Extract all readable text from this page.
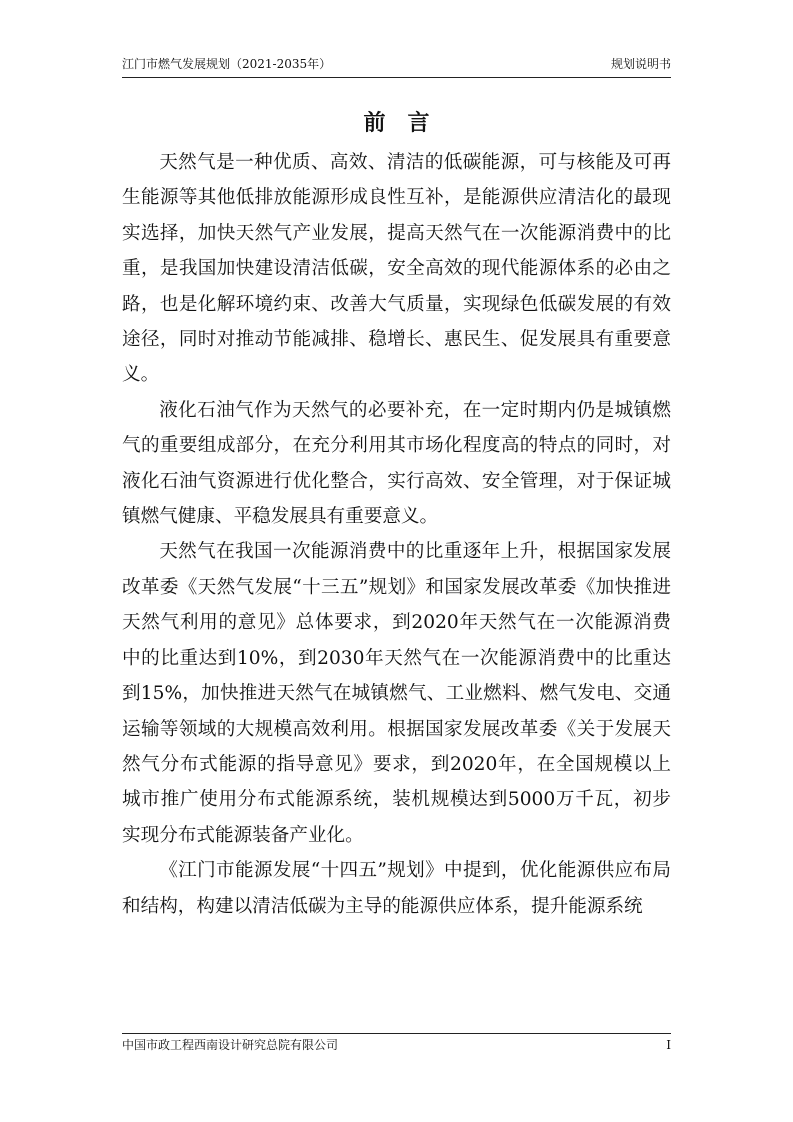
江门市燃气发展规划（2021-2035年）	规划说明书
前言

天然气是一种优质、高效、清洁的低碳能源，可与核能及可再生能源等其他低排放能源形成良性互补，是能源供应清洁化的最现实选择，加快天然气产业发展，提高天然气在一次能源消费中的比重，是我国加快建设清洁低碳，安全高效的现代能源体系的必由之路，也是化解环境约束、改善大气质量，实现绿色低碳发展的有效途径，同时对推动节能减排、稳增长、惠民生、促发展具有重要意义。

液化石油气作为天然气的必要补充，在一定时期内仍是城镇燃气的重要组成部分，在充分利用其市场化程度高的特点的同时，对液化石油气资源进行优化整合，实行高效、安全管理，对于保证城镇燃气健康、平稳发展具有重要意义。

天然气在我国一次能源消费中的比重逐年上升，根据国家发展改革委《天然气发展“十三五”规划》和国家发展改革委《加快推进天然气利用的意见》总体要求，到2020年天然气在一次能源消费中的比重达到10%，到2030年天然气在一次能源消费中的比重达到15%，加快推进天然气在城镇燃气、工业燃料、燃气发电、交通运输等领域的大规模高效利用。根据国家发展改革委《关于发展天然气分布式能源的指导意见》要求，到2020年，在全国规模以上城市推广使用分布式能源系统，装机规模达到5000万千瓦，初步实现分布式能源装备产业化。

《江门市能源发展“十四五”规划》中提到，优化能源供应布局和结构，构建以清洁低碳为主导的能源供应体系，提升能源系统

中国市政工程西南设计研究总院有限公司	I
